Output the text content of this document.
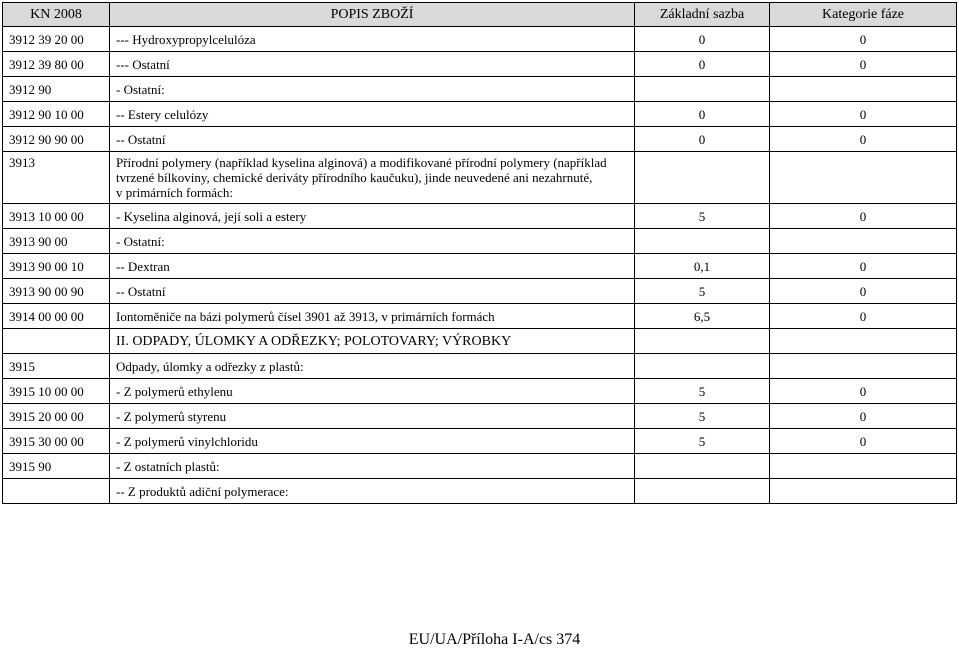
KN 2008	POPIS ZBOŽÍ	Základní sazba	Kategorie fáze
3912 39 20 00	--- Hydroxypropylcelulóza	0	0
3912 39 80 00	--- Ostatní	0	0
3912 90	- Ostatní:		
3912 90 10 00	-- Estery celulózy	0	0
3912 90 90 00	-- Ostatní	0	0
3913	Přírodní polymery (například kyselina alginová) a modifikované přírodní polymery (například
tvrzené bílkoviny, chemické deriváty přírodního kaučuku), jinde neuvedené ani nezahrnuté,
v primárních formách:		

3913 10 00 00	- Kyselina alginová, její soli a estery	5	0
3913 90 00	- Ostatní:		
3913 90 00 10	-- Dextran	0,1	0
3913 90 00 90	-- Ostatní	5	0
3914 00 00 00	Iontoměniče na bázi polymerů čísel 3901 až 3913, v primárních formách	6,5	0
	II. ODPADY, ÚLOMKY A ODŘEZKY; POLOTOVARY; VÝROBKY		
3915	Odpady, úlomky a odřezky z plastů:		
3915 10 00 00	- Z polymerů ethylenu	5	0
3915 20 00 00	- Z polymerů styrenu	5	0
3915 30 00 00	- Z polymerů vinylchloridu	5	0
3915 90	- Z ostatních plastů:		
	-- Z produktů adiční polymerace:		
EU/UA/Příloha I-A/cs 374
